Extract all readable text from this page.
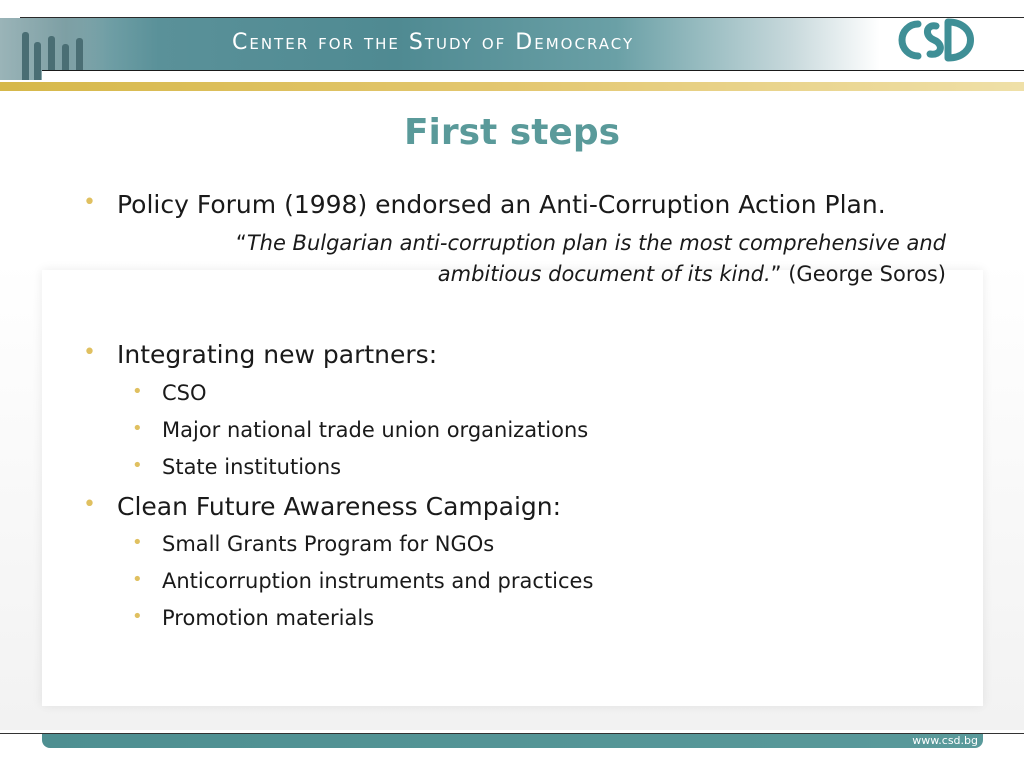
Center for the Study of Democracy
First steps
• Policy Forum (1998) endorsed an Anti-Corruption Action Plan.
“The Bulgarian anti-corruption plan is the most comprehensive and ambitious document of its kind.” (George Soros)
• Integrating new partners:
• CSO
• Major national trade union organizations
• State institutions
• Clean Future Awareness Campaign:
• Small Grants Program for NGOs
• Anticorruption instruments and practices
• Promotion materials
www.csd.bg
